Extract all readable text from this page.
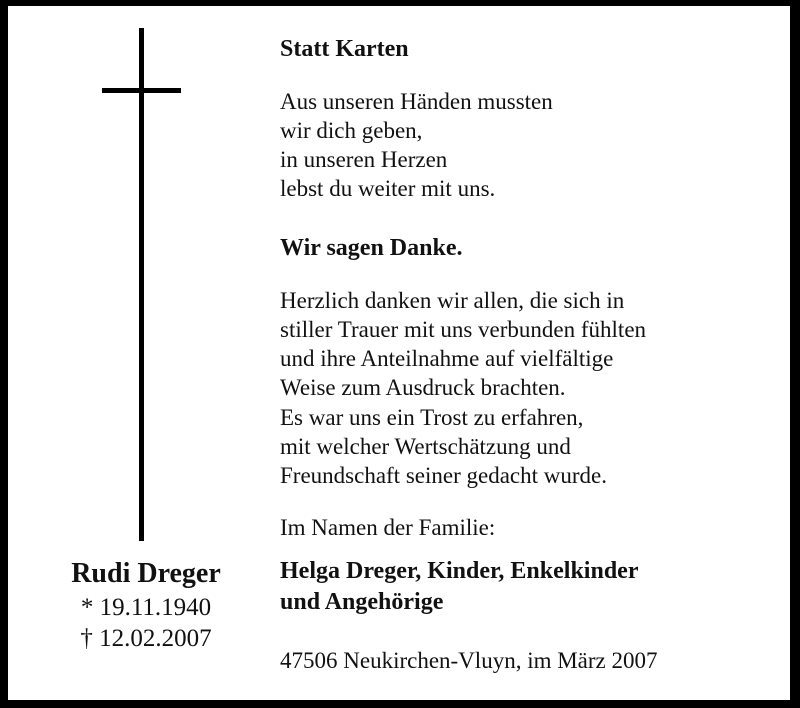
Rudi Dreger
* 19.11.1940
† 12.02.2007
Statt Karten
Aus unseren Händen mussten
wir dich geben,
in unseren Herzen
lebst du weiter mit uns.
Wir sagen Danke.
Herzlich danken wir allen, die sich in
stiller Trauer mit uns verbunden fühlten
und ihre Anteilnahme auf vielfältige
Weise zum Ausdruck brachten.
Es war uns ein Trost zu erfahren,
mit welcher Wertschätzung und
Freundschaft seiner gedacht wurde.
Im Namen der Familie:
Helga Dreger, Kinder, Enkelkinder
und Angehörige
47506 Neukirchen-Vluyn, im März 2007
